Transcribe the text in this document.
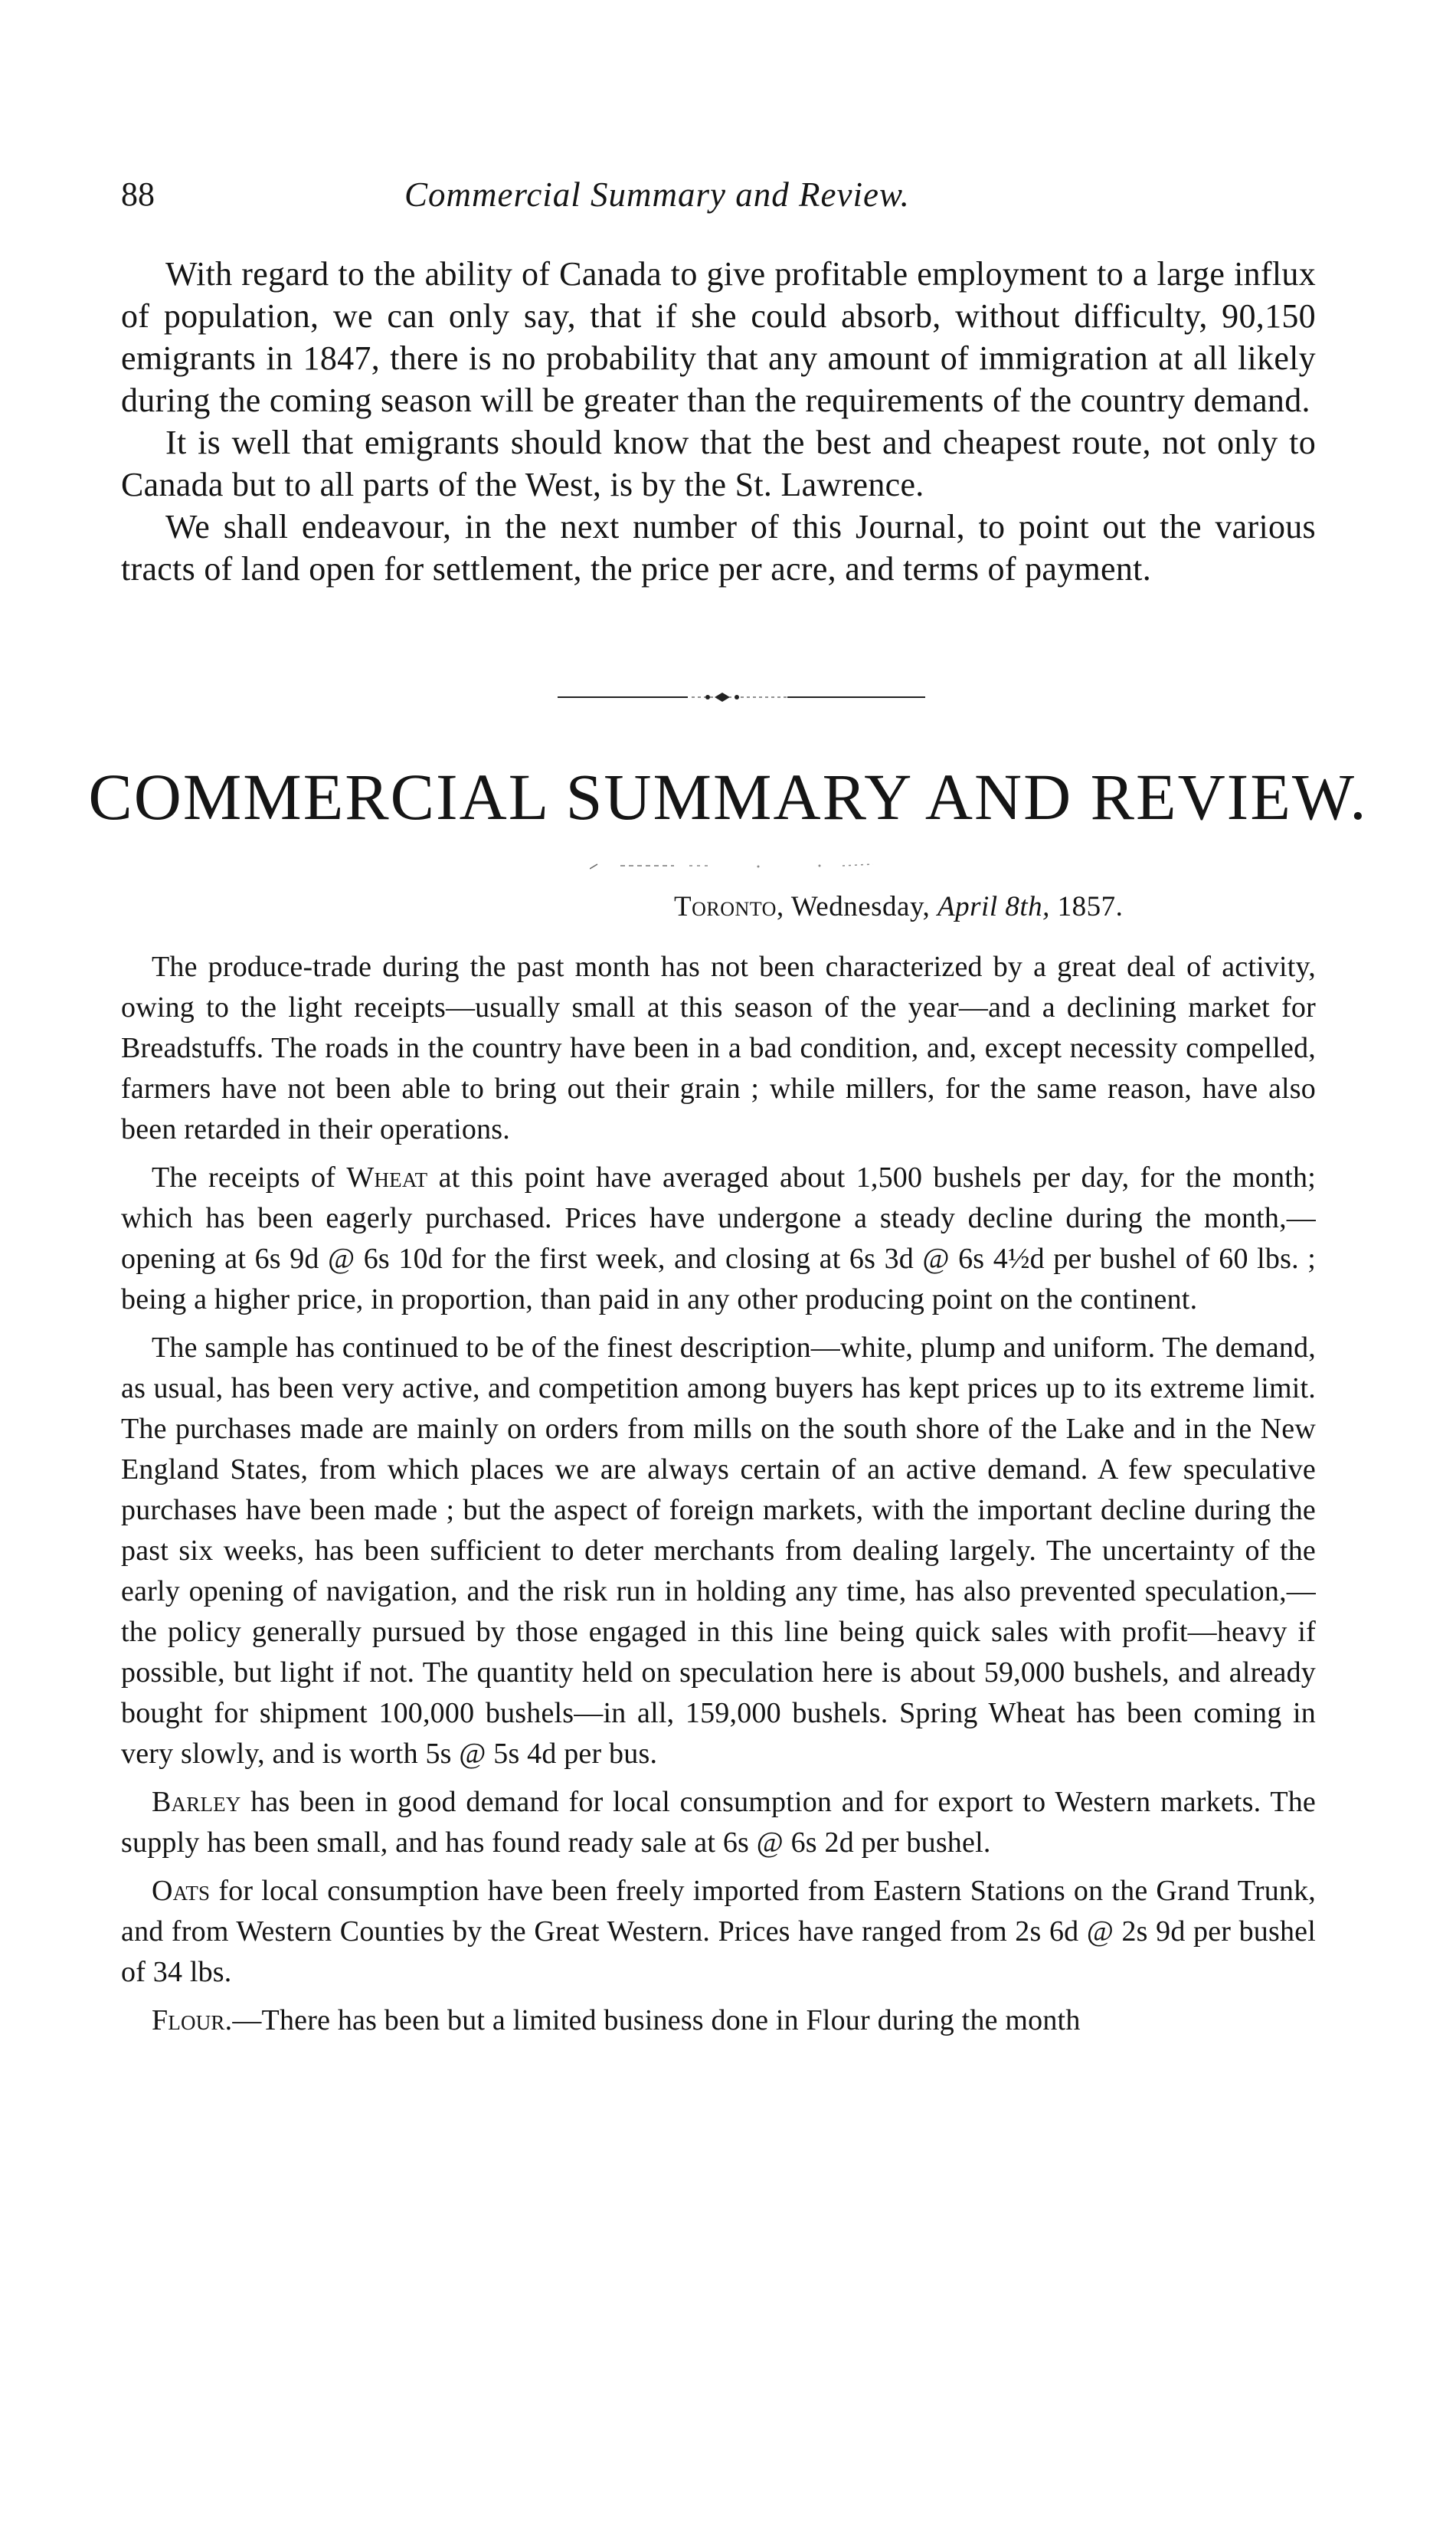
88	Commercial Summary and Review.

With regard to the ability of Canada to give profitable employment to a large influx of population, we can only say, that if she could absorb, without difficulty, 90,150 emigrants in 1847, there is no probability that any amount of immigration at all likely during the coming season will be greater than the requirements of the country demand.

It is well that emigrants should know that the best and cheapest route, not only to Canada but to all parts of the West, is by the St. Lawrence.

We shall endeavour, in the next number of this Journal, to point out the various tracts of land open for settlement, the price per acre, and terms of payment.

COMMERCIAL SUMMARY AND REVIEW.
Toronto, Wednesday, April 8th, 1857.

The produce-trade during the past month has not been characterized by a great deal of activity, owing to the light receipts—usually small at this season of the year—and a declining market for Breadstuffs. The roads in the country have been in a bad condition, and, except necessity compelled, farmers have not been able to bring out their grain ; while millers, for the same reason, have also been retarded in their operations.

The receipts of Wheat at this point have averaged about 1,500 bushels per day, for the month; which has been eagerly purchased. Prices have undergone a steady decline during the month,—opening at 6s 9d @ 6s 10d for the first week, and closing at 6s 3d @ 6s 4½d per bushel of 60 lbs. ; being a higher price, in proportion, than paid in any other producing point on the continent.

The sample has continued to be of the finest description—white, plump and uniform. The demand, as usual, has been very active, and competition among buyers has kept prices up to its extreme limit. The purchases made are mainly on orders from mills on the south shore of the Lake and in the New England States, from which places we are always certain of an active demand. A few speculative purchases have been made ; but the aspect of foreign markets, with the important decline during the past six weeks, has been sufficient to deter merchants from dealing largely. The uncertainty of the early opening of navigation, and the risk run in holding any time, has also prevented speculation,—the policy generally pursued by those engaged in this line being quick sales with profit—heavy if possible, but light if not. The quantity held on speculation here is about 59,000 bushels, and already bought for shipment 100,000 bushels—in all, 159,000 bushels. Spring Wheat has been coming in very slowly, and is worth 5s @ 5s 4d per bus.

Barley has been in good demand for local consumption and for export to Western markets. The supply has been small, and has found ready sale at 6s @ 6s 2d per bushel.

Oats for local consumption have been freely imported from Eastern Stations on the Grand Trunk, and from Western Counties by the Great Western. Prices have ranged from 2s 6d @ 2s 9d per bushel of 34 lbs.

Flour.—There has been but a limited business done in Flour during the month
